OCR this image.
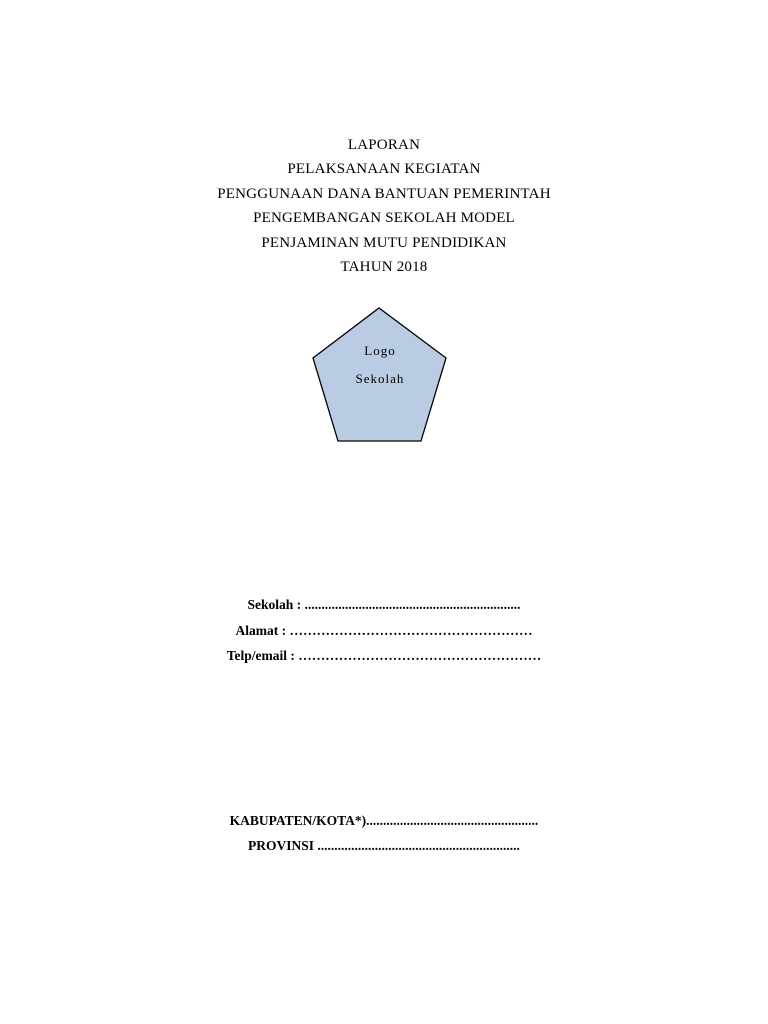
LAPORAN
PELAKSANAAN KEGIATAN
PENGGUNAAN DANA BANTUAN PEMERINTAH
PENGEMBANGAN SEKOLAH MODEL
PENJAMINAN MUTU PENDIDIKAN
TAHUN 2018
Logo
Sekolah
Sekolah : ................................................................
Alamat : ………………………………………………
Telp/email : ………………………………………………
KABUPATEN/KOTA*)...................................................
PROVINSI ............................................................
